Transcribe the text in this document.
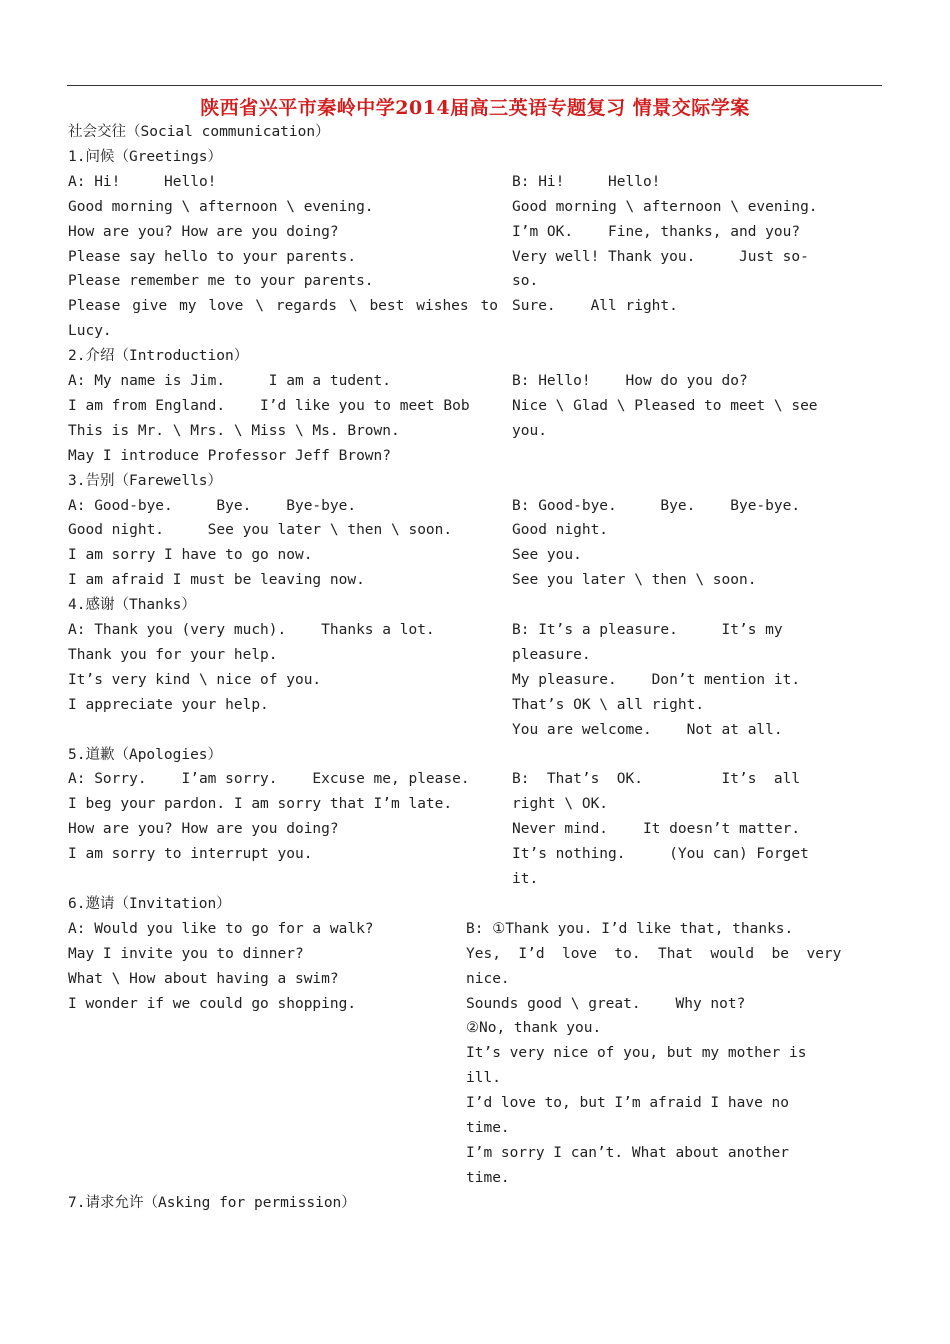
陕西省兴平市秦岭中学2014届高三英语专题复习 情景交际学案
社会交往（Social communication）
1.问候（Greetings）
A: Hi!     Hello!
Good morning \ afternoon \ evening.
How are you? How are you doing?
Please say hello to your parents.
Please remember me to your parents.
Please give my love \ regards \ best wishes to
Lucy.
B: Hi!     Hello!
Good morning \ afternoon \ evening.
I’m OK.    Fine, thanks, and you?
Very well! Thank you.     Just so-
so.
Sure.    All right.
2.介绍（Introduction）
A: My name is Jim.     I am a tudent.
I am from England.    I’d like you to meet Bob
This is Mr. \ Mrs. \ Miss \ Ms. Brown.
May I introduce Professor Jeff Brown?
B: Hello!    How do you do?
Nice \ Glad \ Pleased to meet \ see
you.
3.告别（Farewells）
A: Good-bye.     Bye.    Bye-bye.
Good night.     See you later \ then \ soon.
I am sorry I have to go now.
I am afraid I must be leaving now.
B: Good-bye.     Bye.    Bye-bye.
Good night.
See you.
See you later \ then \ soon.
4.感谢（Thanks）
A: Thank you (very much).    Thanks a lot.
Thank you for your help.
It’s very kind \ nice of you.
I appreciate your help.
B: It’s a pleasure.     It’s my
pleasure.
My pleasure.    Don’t mention it.
That’s OK \ all right.
You are welcome.    Not at all.
5.道歉（Apologies）
A: Sorry.    I’am sorry.    Excuse me, please.
I beg your pardon. I am sorry that I’m late.
How are you? How are you doing?
I am sorry to interrupt you.
B:  That’s  OK.         It’s  all
right \ OK.
Never mind.    It doesn’t matter.
It’s nothing.     (You can) Forget
it.
6.邀请（Invitation）
A: Would you like to go for a walk?
May I invite you to dinner?
What \ How about having a swim?
I wonder if we could go shopping.
B: ①Thank you. I’d like that, thanks.
Yes,  I’d  love  to.  That  would  be  very
nice.
Sounds good \ great.    Why not?
②No, thank you.
It’s very nice of you, but my mother is
ill.
I’d love to, but I’m afraid I have no
time.
I’m sorry I can’t. What about another
time.
7.请求允许（Asking for permission）
